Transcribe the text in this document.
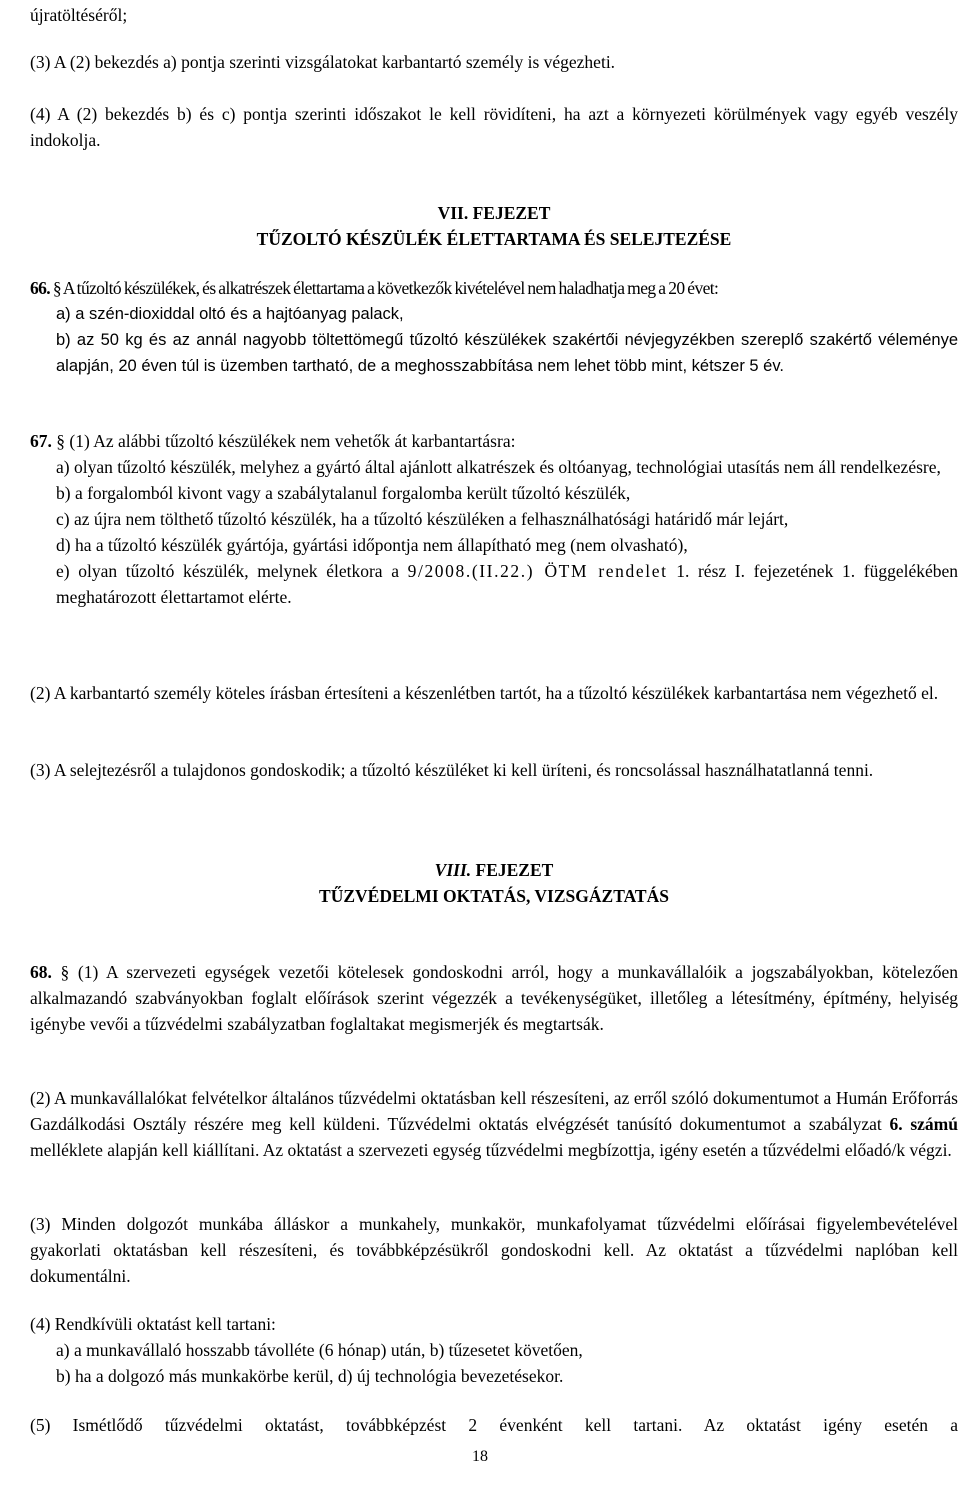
újratöltéséről;

(3) A (2) bekezdés a) pontja szerinti vizsgálatokat karbantartó személy is végezheti.

(4) A (2) bekezdés b) és c) pontja szerinti időszakot le kell rövidíteni, ha azt a környezeti körülmények vagy egyéb veszély indokolja.

VII. FEJEZET
TŰZOLTÓ KÉSZÜLÉK ÉLETTARTAMA ÉS SELEJTEZÉSE
66. § A tűzoltó készülékek, és alkatrészek élettartama a következők kivételével nem haladhatja meg a 20 évet:
a) a szén-dioxiddal oltó és a hajtóanyag palack,
b) az 50 kg és az annál nagyobb töltettömegű tűzoltó készülékek szakértői névjegyzékben szereplő szakértő véleménye alapján, 20 éven túl is üzemben tartható, de a meghosszabbítása nem lehet több mint, kétszer 5 év.
67. § (1) Az alábbi tűzoltó készülékek nem vehetők át karbantartásra:
a) olyan tűzoltó készülék, melyhez a gyártó által ajánlott alkatrészek és oltóanyag, technológiai utasítás nem áll rendelkezésre,
b) a forgalomból kivont vagy a szabálytalanul forgalomba került tűzoltó készülék,
c) az újra nem tölthető tűzoltó készülék, ha a tűzoltó készüléken a felhasználhatósági határidő már lejárt,
d) ha a tűzoltó készülék gyártója, gyártási időpontja nem állapítható meg (nem olvasható),
e) olyan tűzoltó készülék, melynek életkora a 9/2008.(II.22.) ÖTM rendelet 1. rész I. fejezetének 1. függelékében meghatározott élettartamot elérte.

(2) A karbantartó személy köteles írásban értesíteni a készenlétben tartót, ha a tűzoltó készülékek karbantartása nem végezhető el.

(3) A selejtezésről a tulajdonos gondoskodik; a tűzoltó készüléket ki kell üríteni, és roncsolással használhatatlanná tenni.

VIII. FEJEZET
TŰZVÉDELMI OKTATÁS, VIZSGÁZTATÁS

68. § (1) A szervezeti egységek vezetői kötelesek gondoskodni arról, hogy a munkavállalóik a jogszabályokban, kötelezően alkalmazandó szabványokban foglalt előírások szerint végezzék a tevékenységüket, illetőleg a létesítmény, építmény, helyiség igénybe vevői a tűzvédelmi szabályzatban foglaltakat megismerjék és megtartsák.

(2) A munkavállalókat felvételkor általános tűzvédelmi oktatásban kell részesíteni, az erről szóló dokumentumot a Humán Erőforrás Gazdálkodási Osztály részére meg kell küldeni. Tűzvédelmi oktatás elvégzését tanúsító dokumentumot a szabályzat 6. számú melléklete alapján kell kiállítani. Az oktatást a szervezeti egység tűzvédelmi megbízottja, igény esetén a tűzvédelmi előadó/k végzi.

(3) Minden dolgozót munkába álláskor a munkahely, munkakör, munkafolyamat tűzvédelmi előírásai figyelembevételével gyakorlati oktatásban kell részesíteni, és továbbképzésükről gondoskodni kell. Az oktatást a tűzvédelmi naplóban kell dokumentálni.

(4) Rendkívüli oktatást kell tartani:
a) a munkavállaló hosszabb távolléte (6 hónap) után, b) tűzesetet követően,
b) ha a dolgozó más munkakörbe kerül, d) új technológia bevezetésekor.

(5) Ismétlődő tűzvédelmi oktatást, továbbképzést 2 évenként kell tartani. Az oktatást igény esetén a

18
